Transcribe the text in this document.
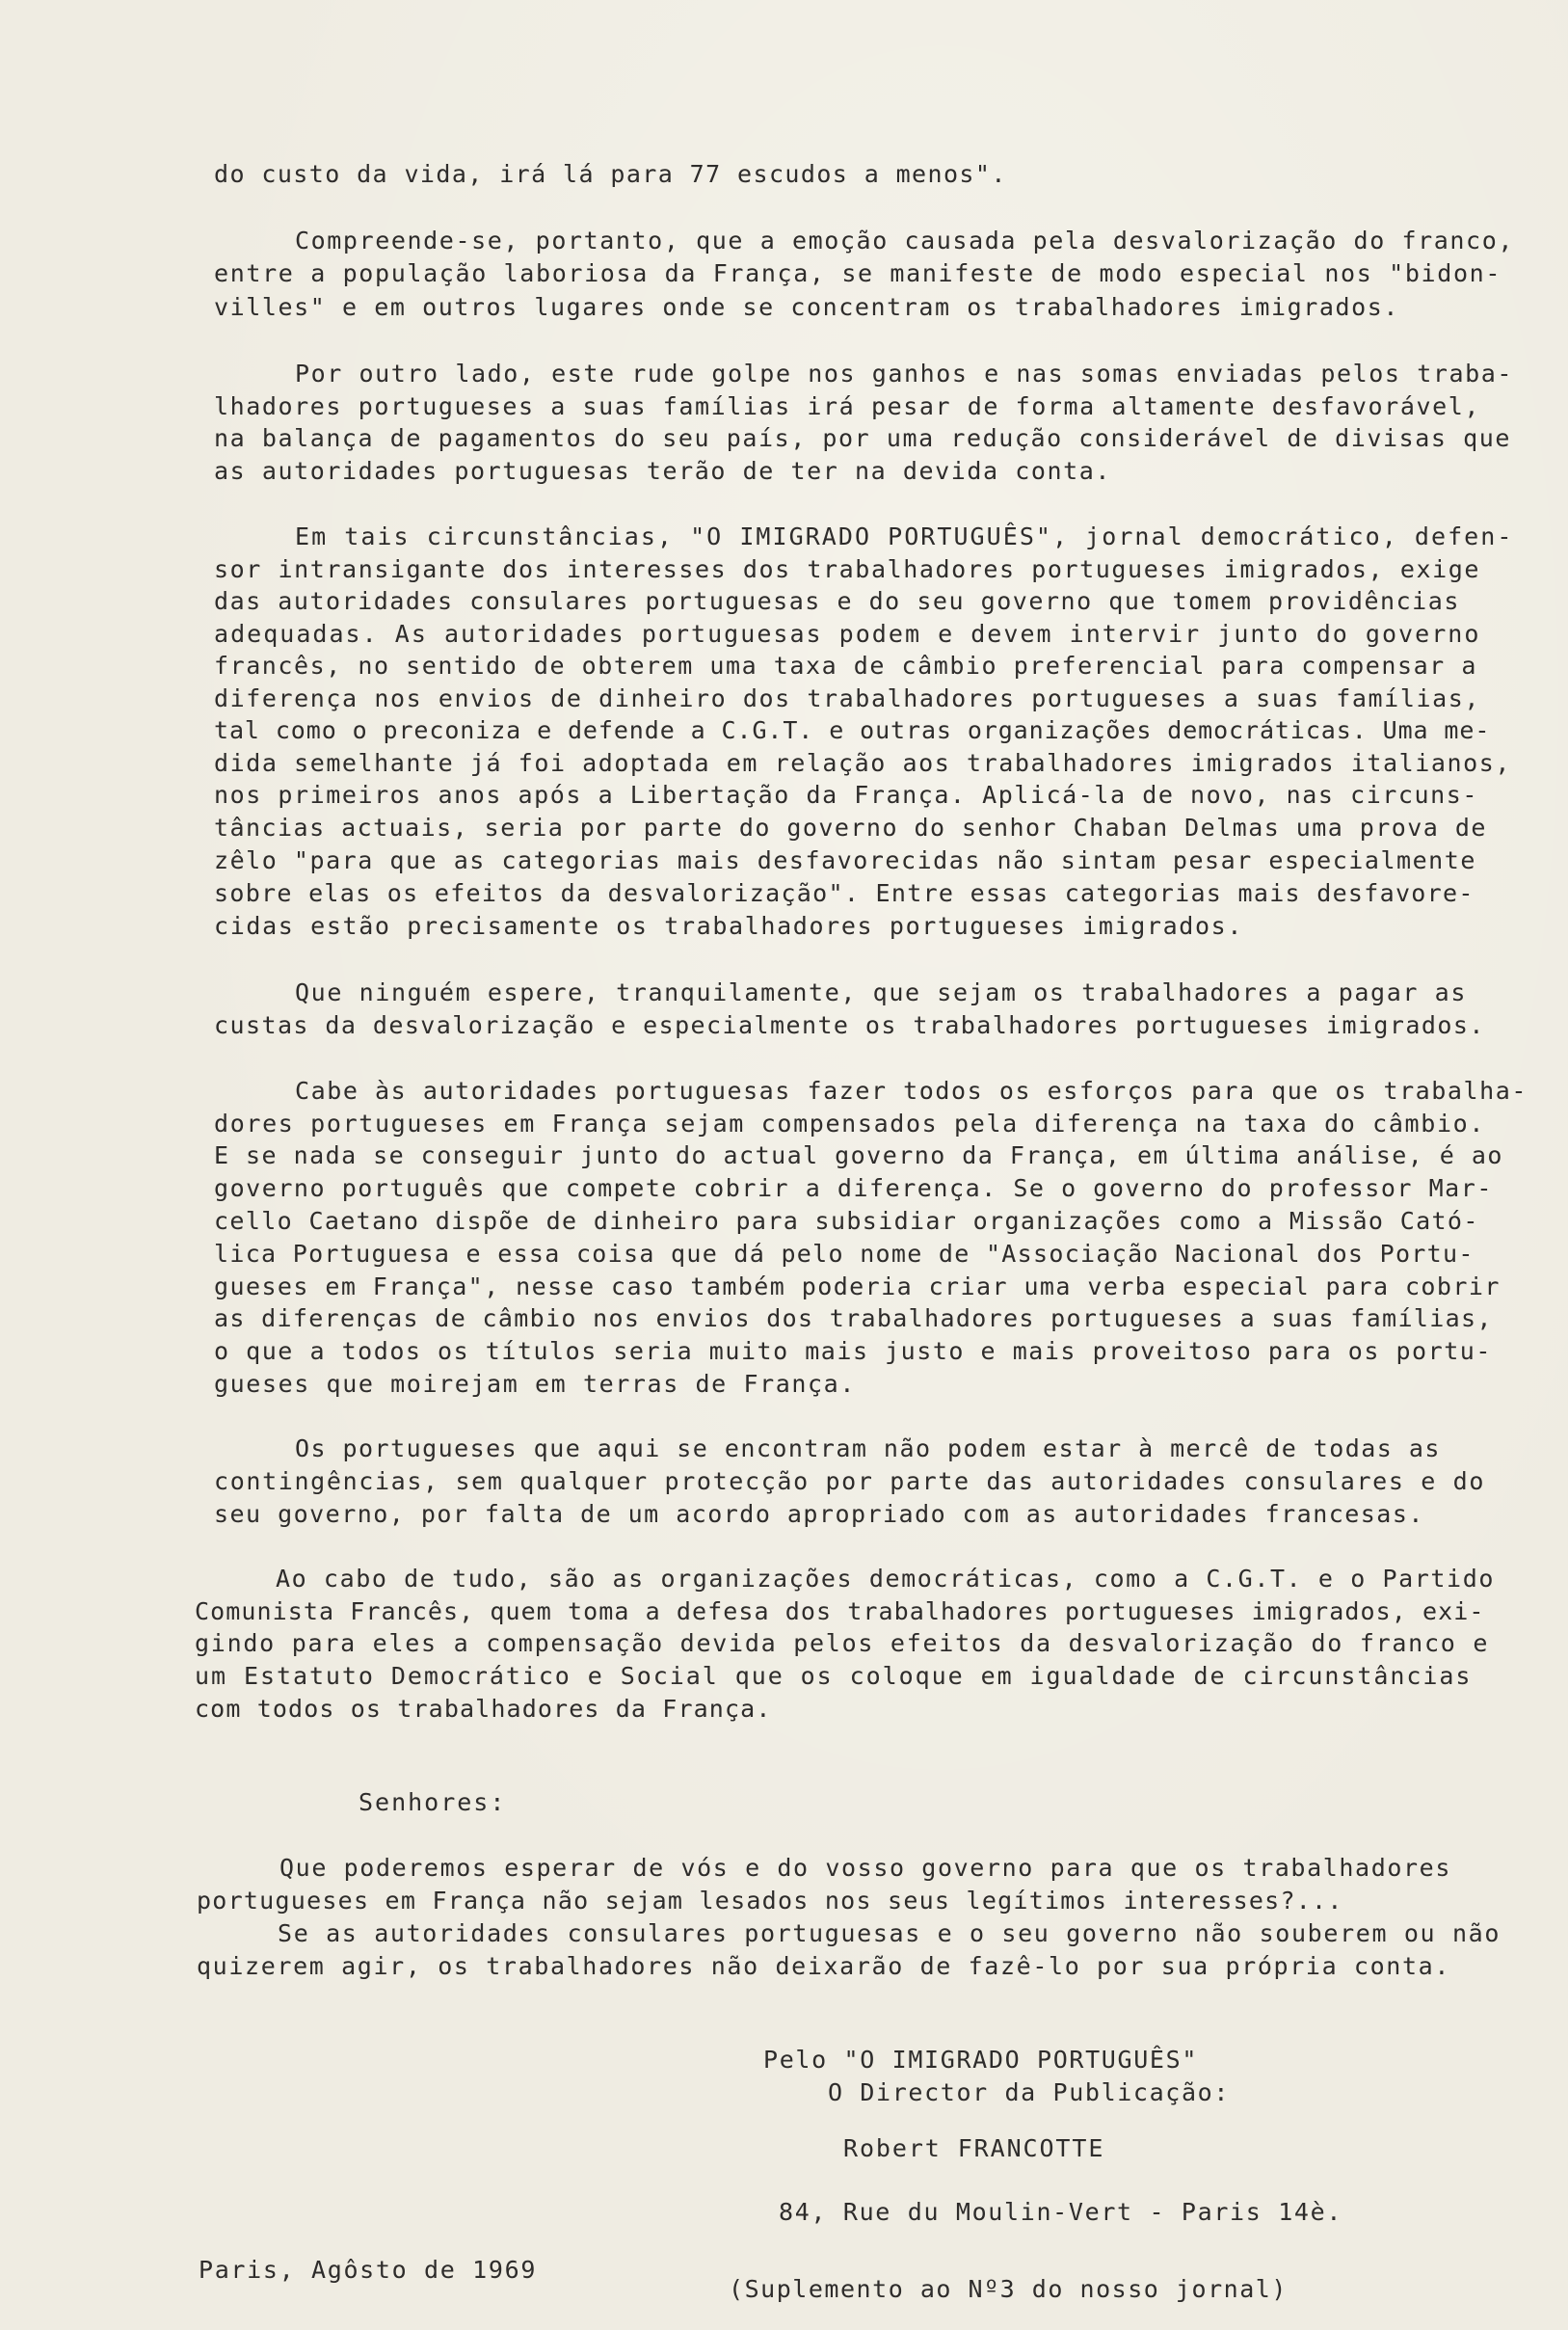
do custo da vida, irá lá para 77 escudos a menos".
Compreende-se, portanto, que a emoção causada pela desvalorização do franco,
entre a população laboriosa da França, se manifeste de modo especial nos "bidon-
villes" e em outros lugares onde se concentram os trabalhadores imigrados.
Por outro lado, este rude golpe nos ganhos e nas somas enviadas pelos traba-
lhadores portugueses a suas famílias irá pesar de forma altamente desfavorável,
na balança de pagamentos do seu país, por uma redução considerável de divisas que
as autoridades portuguesas terão de ter na devida conta.
Em tais circunstâncias, "O IMIGRADO PORTUGUÊS", jornal democrático, defen-
sor intransigante dos interesses dos trabalhadores portugueses imigrados, exige
das autoridades consulares portuguesas e do seu governo que tomem providências
adequadas. As autoridades portuguesas podem e devem intervir junto do governo
francês, no sentido de obterem uma taxa de câmbio preferencial para compensar a
diferença nos envios de dinheiro dos trabalhadores portugueses a suas famílias,
tal como o preconiza e defende a C.G.T. e outras organizações democráticas. Uma me-
dida semelhante já foi adoptada em relação aos trabalhadores imigrados italianos,
nos primeiros anos após a Libertação da França. Aplicá-la de novo, nas circuns-
tâncias actuais, seria por parte do governo do senhor Chaban Delmas uma prova de
zêlo "para que as categorias mais desfavorecidas não sintam pesar especialmente
sobre elas os efeitos da desvalorização". Entre essas categorias mais desfavore-
cidas estão precisamente os trabalhadores portugueses imigrados.
Que ninguém espere, tranquilamente, que sejam os trabalhadores a pagar as
custas da desvalorização e especialmente os trabalhadores portugueses imigrados.
Cabe às autoridades portuguesas fazer todos os esforços para que os trabalha-
dores portugueses em França sejam compensados pela diferença na taxa do câmbio.
E se nada se conseguir junto do actual governo da França, em última análise, é ao
governo português que compete cobrir a diferença. Se o governo do professor Mar-
cello Caetano dispõe de dinheiro para subsidiar organizações como a Missão Cató-
lica Portuguesa e essa coisa que dá pelo nome de "Associação Nacional dos Portu-
gueses em França", nesse caso também poderia criar uma verba especial para cobrir
as diferenças de câmbio nos envios dos trabalhadores portugueses a suas famílias,
o que a todos os títulos seria muito mais justo e mais proveitoso para os portu-
gueses que moirejam em terras de França.
Os portugueses que aqui se encontram não podem estar à mercê de todas as
contingências, sem qualquer protecção por parte das autoridades consulares e do
seu governo, por falta de um acordo apropriado com as autoridades francesas.
Ao cabo de tudo, são as organizações democráticas, como a C.G.T. e o Partido
Comunista Francês, quem toma a defesa dos trabalhadores portugueses imigrados, exi-
gindo para eles a compensação devida pelos efeitos da desvalorização do franco e
um Estatuto Democrático e Social que os coloque em igualdade de circunstâncias
com todos os trabalhadores da França.
Senhores:
Que poderemos esperar de vós e do vosso governo para que os trabalhadores
portugueses em França não sejam lesados nos seus legítimos interesses?...
Se as autoridades consulares portuguesas e o seu governo não souberem ou não
quizerem agir, os trabalhadores não deixarão de fazê-lo por sua própria conta.
Pelo "O IMIGRADO PORTUGUÊS"
O Director da Publicação:
Robert FRANCOTTE
84, Rue du Moulin-Vert - Paris 14è.
Paris, Agôsto de 1969
(Suplemento ao Nº3 do nosso jornal)
